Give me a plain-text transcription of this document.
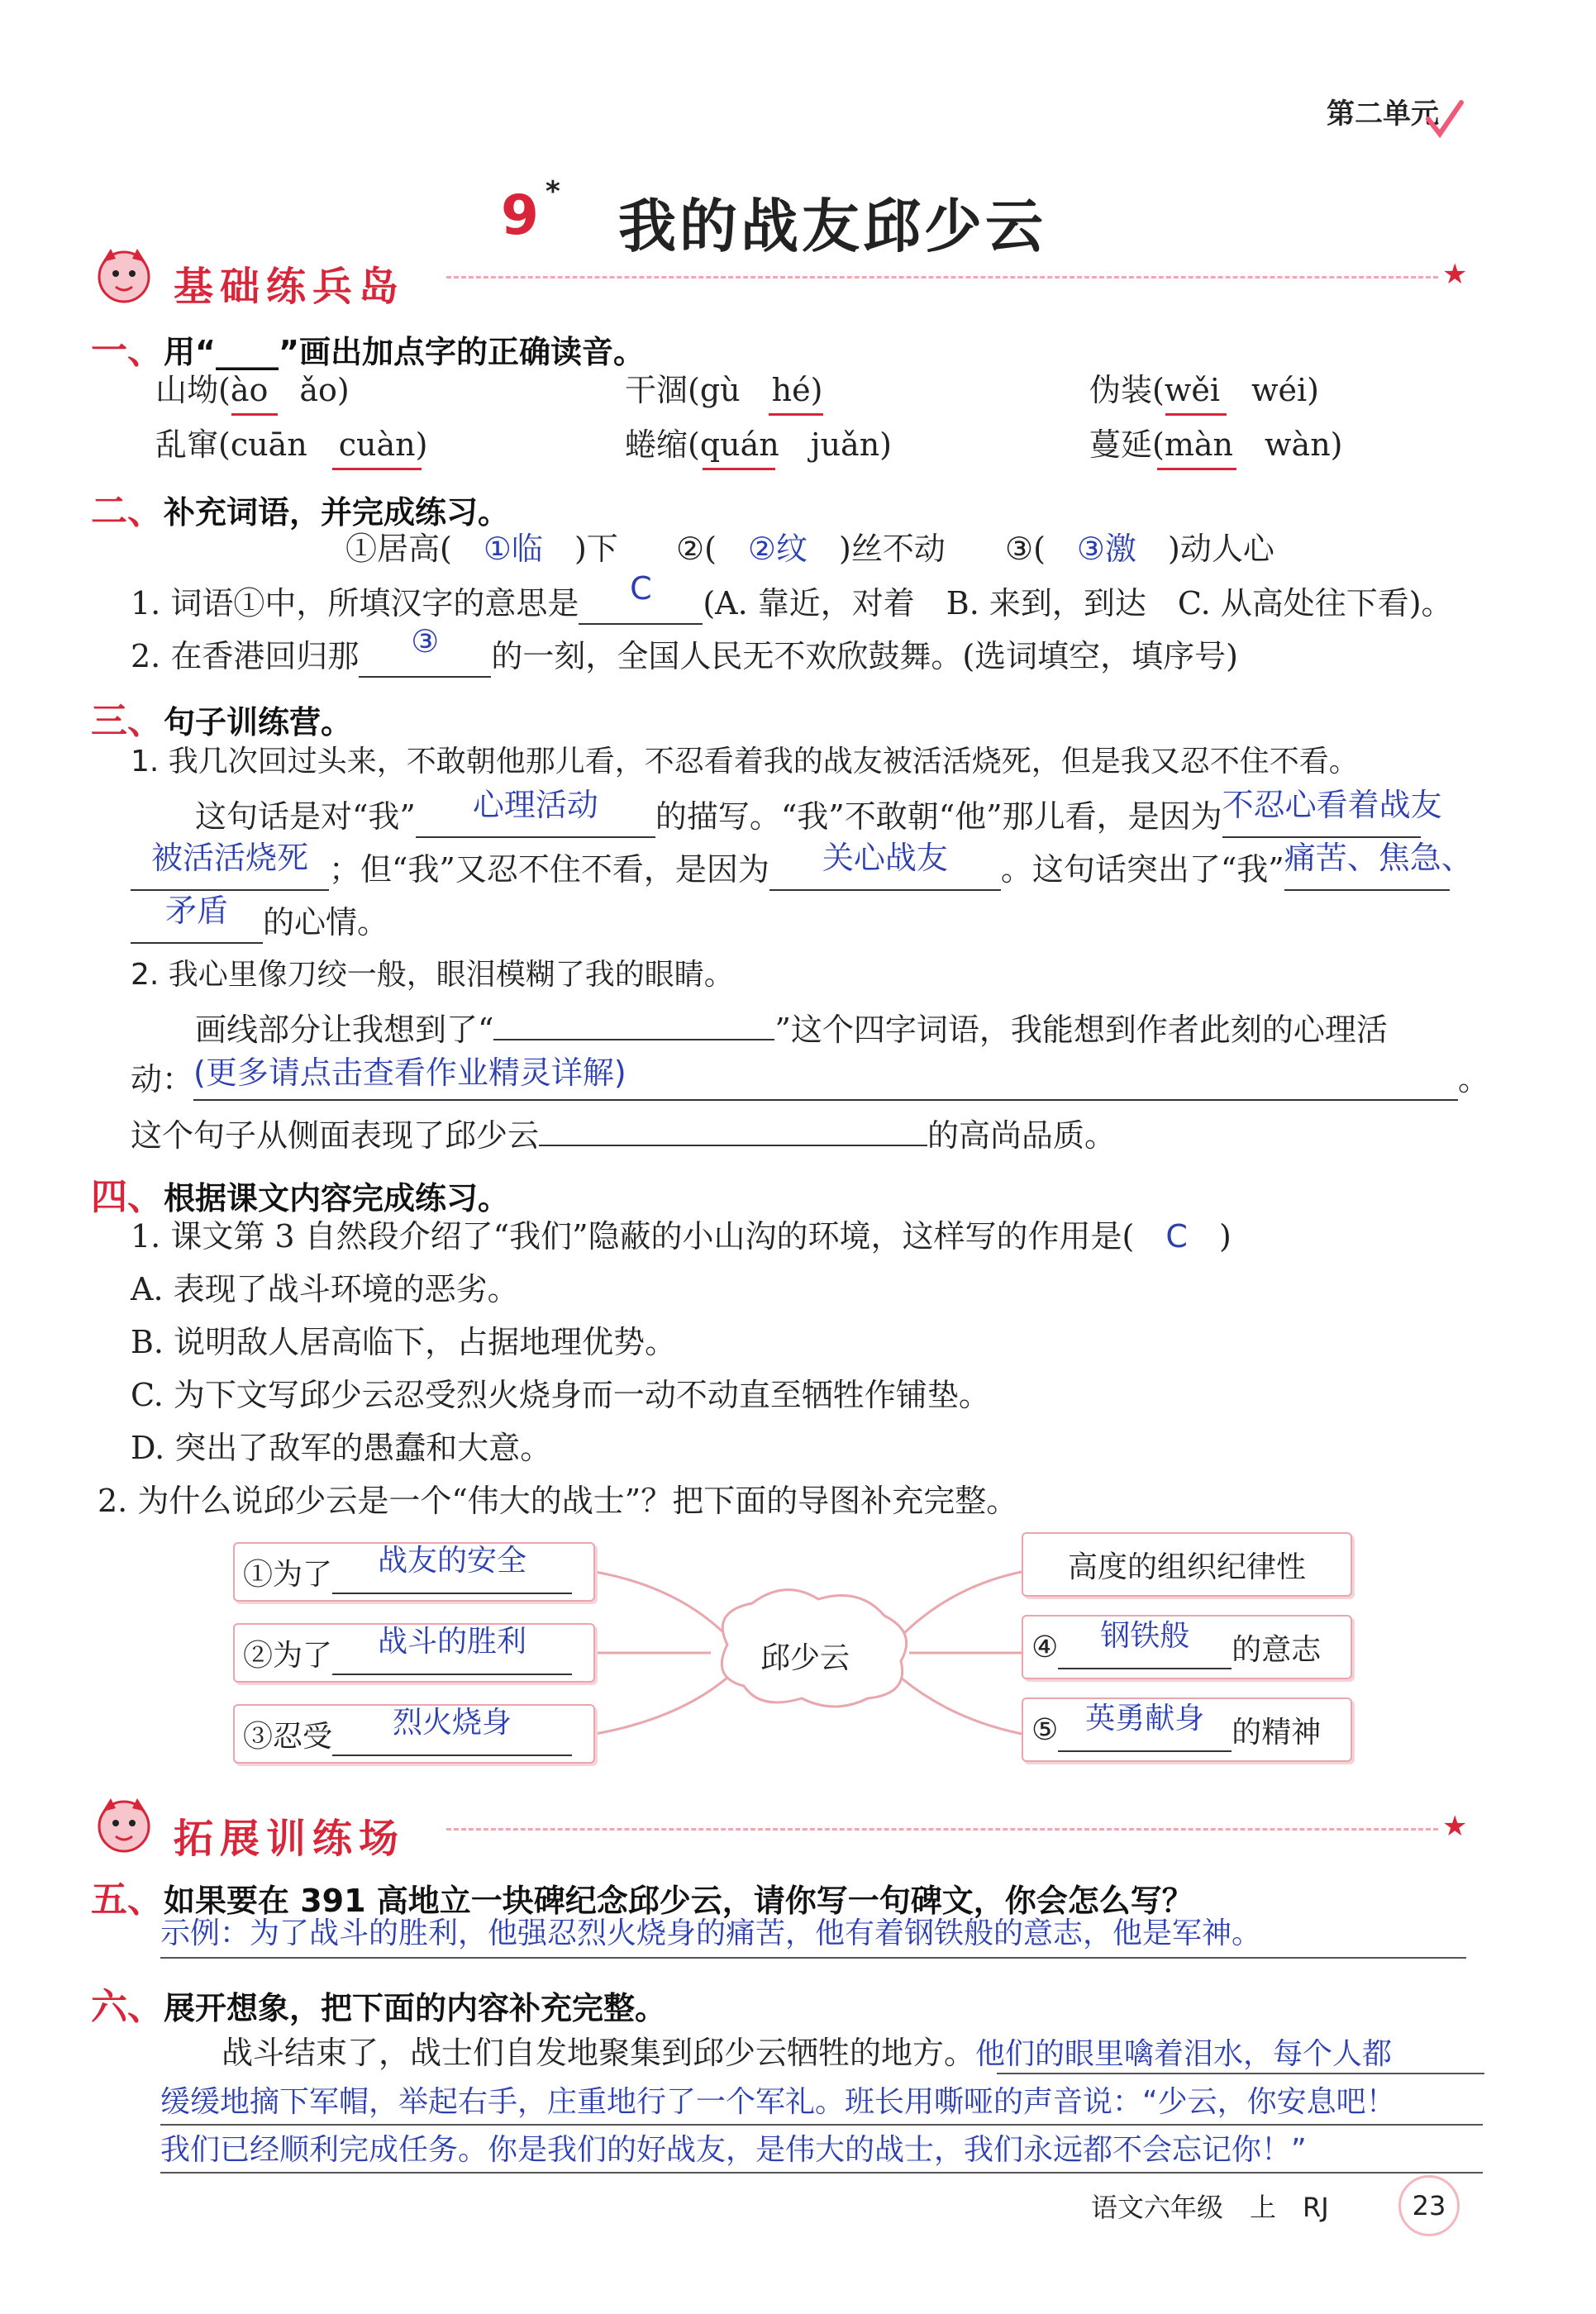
第二单元
9 *
我的战友邱少云
基础练兵岛	★
一、用“____”画出加点字的正确读音。
山坳(ào　 ǎo)	干涸(gù　 hé)	伪装(wěi　 wéi)
乱窜(cuān　 cuàn)	蜷缩(quán　 juǎn)	蔓延(màn　 wàn)
二、补充词语，并完成练习。
①居高(　 ①临　 )下 ②(　 ②纹　 )丝不动 ③(　 ③激　 )动人心
1. 词语①中，所填汉字的意思是 C (A. 靠近，对着　B. 来到，到达　C. 从高处往下看)。
2. 在香港回归那 ③ 的一刻，全国人民无不欢欣鼓舞。(选词填空，填序号)
三、句子训练营。
1. 我几次回过头来，不敢朝他那儿看，不忍看着我的战友被活活烧死，但是我又忍不住不看。
这句话是对“我” 心理活动 的描写。“我”不敢朝“他”那儿看，是因为不忍心看着战友
被活活烧死 ；但“我”又忍不住不看，是因为 关心战友 。这句话突出了“我”痛苦、焦急、
矛盾 的心情。
2. 我心里像刀绞一般，眼泪模糊了我的眼睛。
画线部分让我想到了“	”这个四字词语，我能想到作者此刻的心理活
动：(更多请点击查看作业精灵详解)	。
这个句子从侧面表现了邱少云	的高尚品质。
四、根据课文内容完成练习。
1. 课文第 3 自然段介绍了“我们”隐蔽的小山沟的环境，这样写的作用是(　 C　 )
A. 表现了战斗环境的恶劣。
B. 说明敌人居高临下，占据地理优势。
C. 为下文写邱少云忍受烈火烧身而一动不动直至牺牲作铺垫。
D. 突出了敌军的愚蠢和大意。
2. 为什么说邱少云是一个“伟大的战士”？把下面的导图补充完整。
邱少云
①为了	战友的安全
②为了	战斗的胜利
③忍受	烈火烧身
高度的组织纪律性
④	钢铁般	的意志
⑤ 英勇献身 的精神
拓展训练场	★
五、如果要在 391 高地立一块碑纪念邱少云，请你写一句碑文，你会怎么写？
示例：为了战斗的胜利，他强忍烈火烧身的痛苦，他有着钢铁般的意志，他是军神。
六、展开想象，把下面的内容补充完整。
战斗结束了，战士们自发地聚集到邱少云牺牲的地方。他们的眼里噙着泪水，每个人都
缓缓地摘下军帽，举起右手，庄重地行了一个军礼。班长用嘶哑的声音说：“少云，你安息吧！
我们已经顺利完成任务。你是我们的好战友，是伟大的战士，我们永远都不会忘记你！”
语文六年级　上　RJ	23
